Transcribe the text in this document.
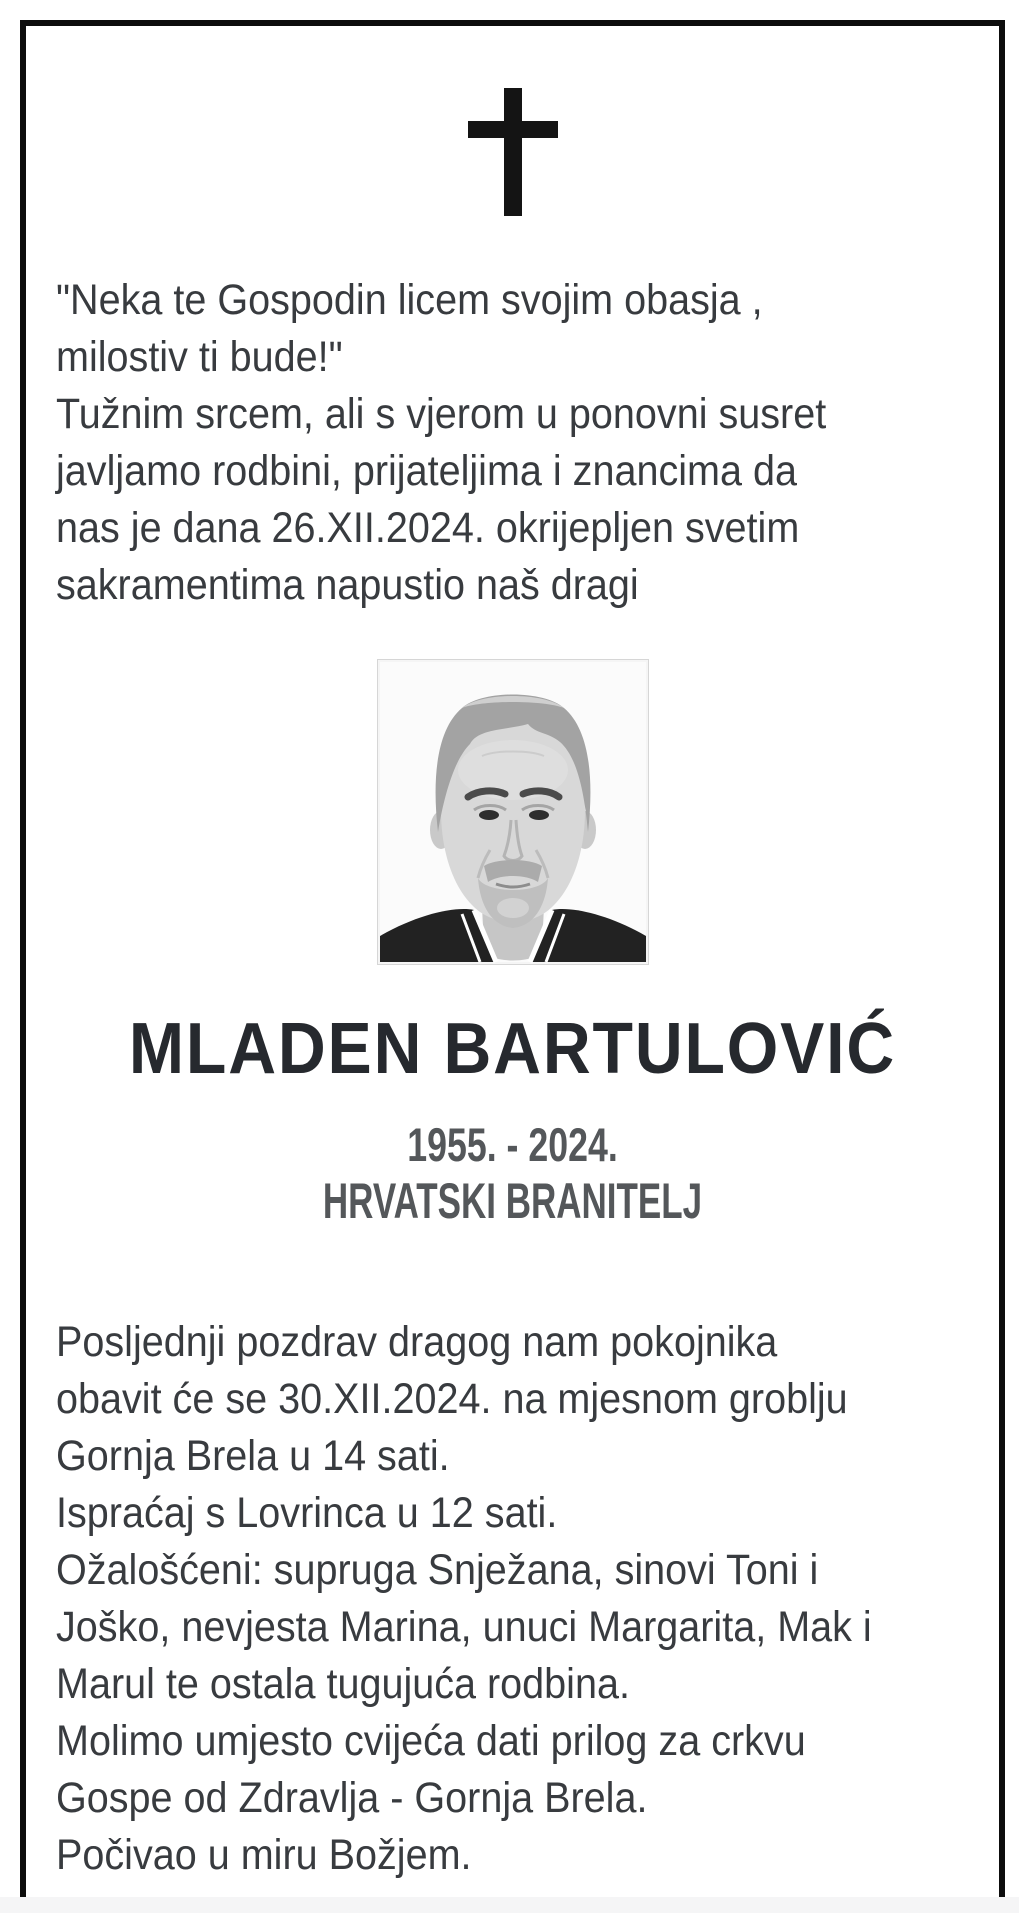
"Neka te Gospodin licem svojim obasja ,
milostiv ti bude!"
Tužnim srcem, ali s vjerom u ponovni susret
javljamo rodbini, prijateljima i znancima da
nas je dana 26.XII.2024. okrijepljen svetim
sakramentima napustio naš dragi
MLADEN BARTULOVIĆ
1955. - 2024.
HRVATSKI BRANITELJ
Posljednji pozdrav dragog nam pokojnika
obavit će se 30.XII.2024. na mjesnom groblju
Gornja Brela u 14 sati.
Ispraćaj s Lovrinca u 12 sati.
Ožalošćeni: supruga Snježana, sinovi Toni i
Joško, nevjesta Marina, unuci Margarita, Mak i
Marul te ostala tugujuća rodbina.
Molimo umjesto cvijeća dati prilog za crkvu
Gospe od Zdravlja - Gornja Brela.
Počivao u miru Božjem.
